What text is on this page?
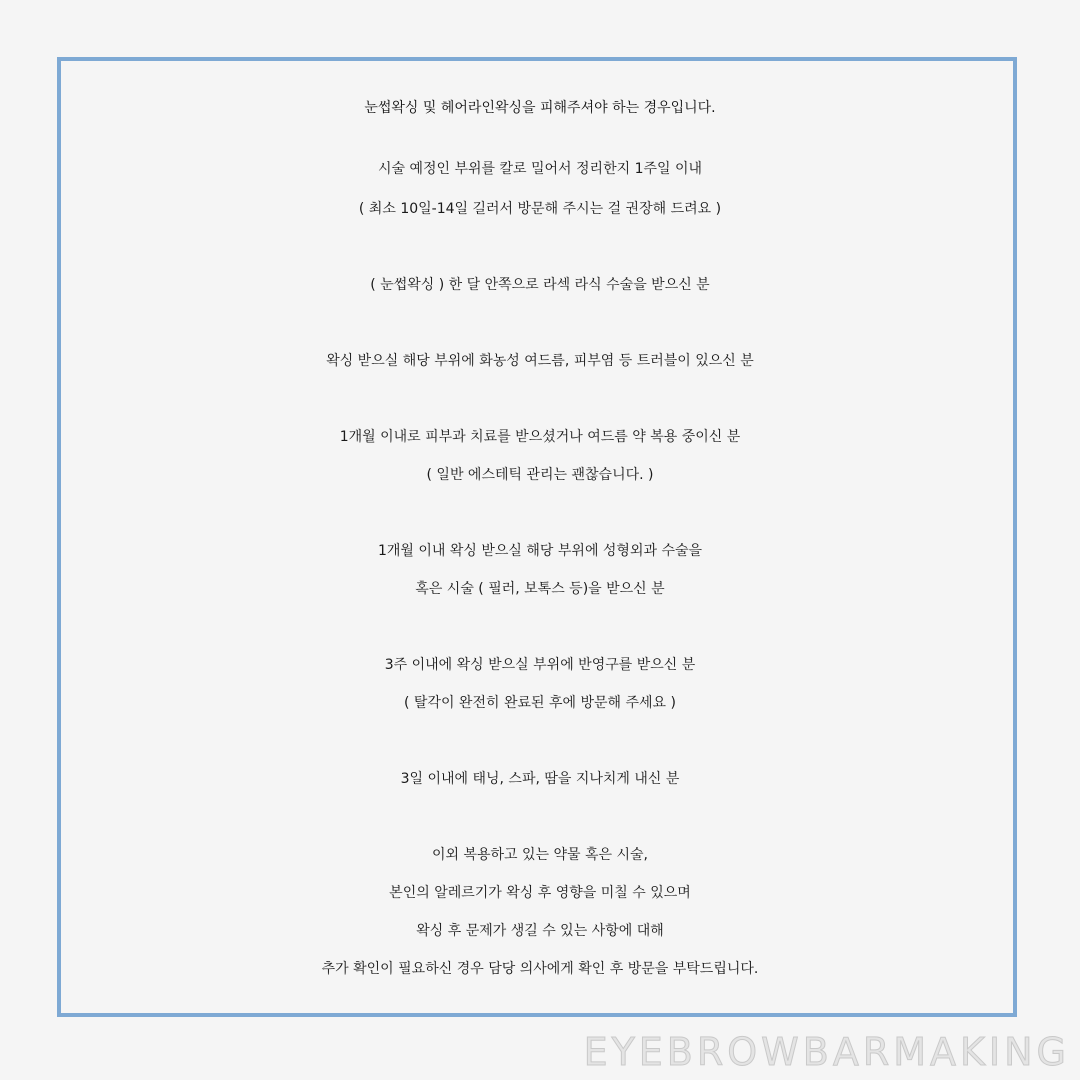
눈썹왁싱 및 헤어라인왁싱을 피해주셔야 하는 경우입니다.
시술 예정인 부위를 칼로 밀어서 정리한지 1주일 이내
( 최소 10일-14일 길러서 방문해 주시는 걸 권장해 드려요 )
( 눈썹왁싱 ) 한 달 안쪽으로 라섹 라식 수술을 받으신 분
왁싱 받으실 해당 부위에 화농성 여드름, 피부염 등 트러블이 있으신 분
1개월 이내로 피부과 치료를 받으셨거나 여드름 약 복용 중이신 분
( 일반 에스테틱 관리는 괜찮습니다. )
1개월 이내 왁싱 받으실 해당 부위에 성형외과 수술을
혹은 시술 ( 필러, 보톡스 등)을 받으신 분
3주 이내에 왁싱 받으실 부위에 반영구를 받으신 분
( 탈각이 완전히 완료된 후에 방문해 주세요 )
3일 이내에 태닝, 스파, 땀을 지나치게 내신 분
이외 복용하고 있는 약물 혹은 시술,
본인의 알레르기가 왁싱 후 영향을 미칠 수 있으며
왁싱 후 문제가 생길 수 있는 사항에 대해
추가 확인이 필요하신 경우 담당 의사에게 확인 후 방문을 부탁드립니다.
EYEBROWBARMAKING
